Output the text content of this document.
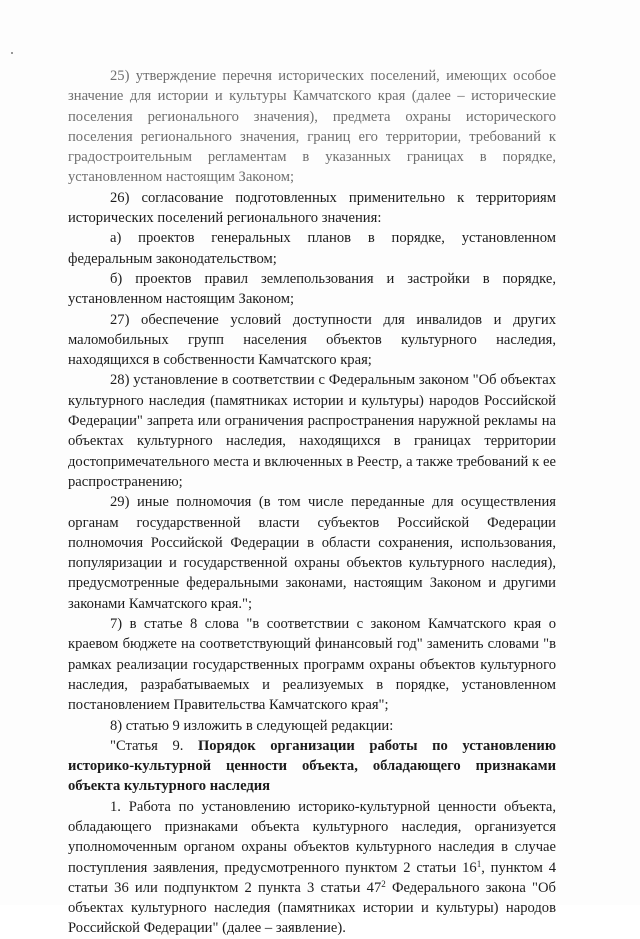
25) утверждение перечня исторических поселений, имеющих особое значение для истории и культуры Камчатского края (далее – исторические поселения регионального значения), предмета охраны исторического поселения регионального значения, границ его территории, требований к градостроительным регламентам в указанных границах в порядке, установленном настоящим Законом;

26) согласование подготовленных применительно к территориям исторических поселений регионального значения:

а) проектов генеральных планов в порядке, установленном федеральным законодательством;

б) проектов правил землепользования и застройки в порядке, установленном настоящим Законом;

27) обеспечение условий доступности для инвалидов и других маломобильных групп населения объектов культурного наследия, находящихся в собственности Камчатского края;

28) установление в соответствии с Федеральным законом "Об объектах культурного наследия (памятниках истории и культуры) народов Российской Федерации" запрета или ограничения распространения наружной рекламы на объектах культурного наследия, находящихся в границах территории достопримечательного места и включенных в Реестр, а также требований к ее распространению;

29) иные полномочия (в том числе переданные для осуществления органам государственной власти субъектов Российской Федерации полномочия Российской Федерации в области сохранения, использования, популяризации и государственной охраны объектов культурного наследия), предусмотренные федеральными законами, настоящим Законом и другими законами Камчатского края.";

7) в статье 8 слова "в соответствии с законом Камчатского края о краевом бюджете на соответствующий финансовый год" заменить словами "в рамках реализации государственных программ охраны объектов культурного наследия, разрабатываемых и реализуемых в порядке, установленном постановлением Правительства Камчатского края";

8) статью 9 изложить в следующей редакции:

"Статья 9. Порядок организации работы по установлению историко-культурной ценности объекта, обладающего признаками объекта культурного наследия

1. Работа по установлению историко-культурной ценности объекта, обладающего признаками объекта культурного наследия, организуется уполномоченным органом охраны объектов культурного наследия в случае поступления заявления, предусмотренного пунктом 2 статьи $16^1$, пунктом 4 статьи 36 или подпунктом 2 пункта 3 статьи $47^2$ Федерального закона "Об объектах культурного наследия (памятниках истории и культуры) народов Российской Федерации" (далее – заявление).
